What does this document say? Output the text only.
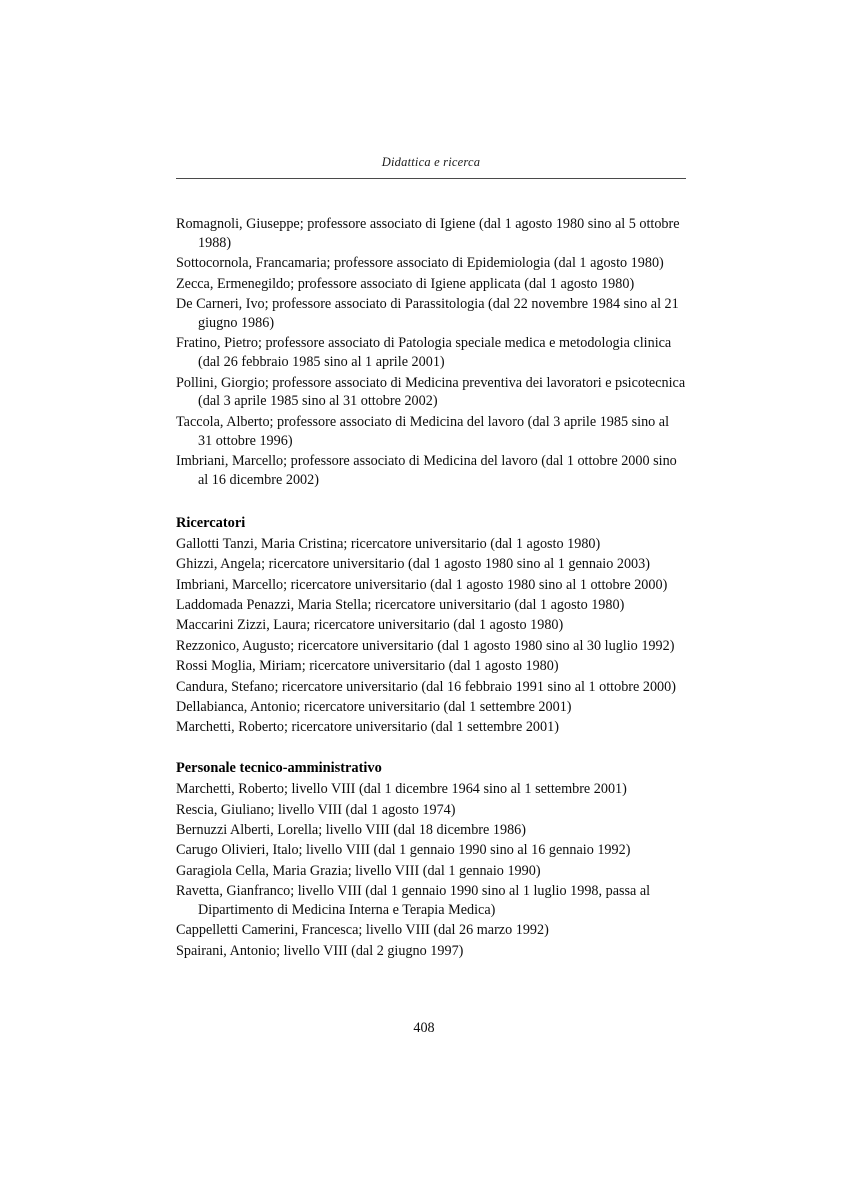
Didattica e ricerca

Romagnoli, Giuseppe; professore associato di Igiene (dal 1 agosto 1980 sino al 5 ottobre 1988)

Sottocornola, Francamaria; professore associato di Epidemiologia (dal 1 agosto 1980)

Zecca, Ermenegildo; professore associato di Igiene applicata (dal 1 agosto 1980)

De Carneri, Ivo; professore associato di Parassitologia (dal 22 novembre 1984 sino al 21 giugno 1986)

Fratino, Pietro; professore associato di Patologia speciale medica e metodologia clinica (dal 26 febbraio 1985 sino al 1 aprile 2001)

Pollini, Giorgio; professore associato di Medicina preventiva dei lavoratori e psicotecnica (dal 3 aprile 1985 sino al 31 ottobre 2002)

Taccola, Alberto; professore associato di Medicina del lavoro (dal 3 aprile 1985 sino al 31 ottobre 1996)

Imbriani, Marcello; professore associato di Medicina del lavoro (dal 1 ottobre 2000 sino al 16 dicembre 2002)

Ricercatori

Gallotti Tanzi, Maria Cristina; ricercatore universitario (dal 1 agosto 1980)

Ghizzi, Angela; ricercatore universitario (dal 1 agosto 1980 sino al 1 gennaio 2003)

Imbriani, Marcello; ricercatore universitario (dal 1 agosto 1980 sino al 1 ottobre 2000)

Laddomada Penazzi, Maria Stella; ricercatore universitario (dal 1 agosto 1980)

Maccarini Zizzi, Laura; ricercatore universitario (dal 1 agosto 1980)

Rezzonico, Augusto; ricercatore universitario (dal 1 agosto 1980 sino al 30 luglio 1992)

Rossi Moglia, Miriam; ricercatore universitario (dal 1 agosto 1980)

Candura, Stefano; ricercatore universitario (dal 16 febbraio 1991 sino al 1 ottobre 2000)

Dellabianca, Antonio; ricercatore universitario (dal 1 settembre 2001)

Marchetti, Roberto; ricercatore universitario (dal 1 settembre 2001)

Personale tecnico-amministrativo

Marchetti, Roberto; livello VIII (dal 1 dicembre 1964 sino al 1 settembre 2001)

Rescia, Giuliano; livello VIII (dal 1 agosto 1974)

Bernuzzi Alberti, Lorella; livello VIII (dal 18 dicembre 1986)

Carugo Olivieri, Italo; livello VIII (dal 1 gennaio 1990 sino al 16 gennaio 1992)

Garagiola Cella, Maria Grazia; livello VIII (dal 1 gennaio 1990)

Ravetta, Gianfranco; livello VIII (dal 1 gennaio 1990 sino al 1 luglio 1998, passa al Dipartimento di Medicina Interna e Terapia Medica)

Cappelletti Camerini, Francesca; livello VIII (dal 26 marzo 1992)

Spairani, Antonio; livello VIII (dal 2 giugno 1997)

408
